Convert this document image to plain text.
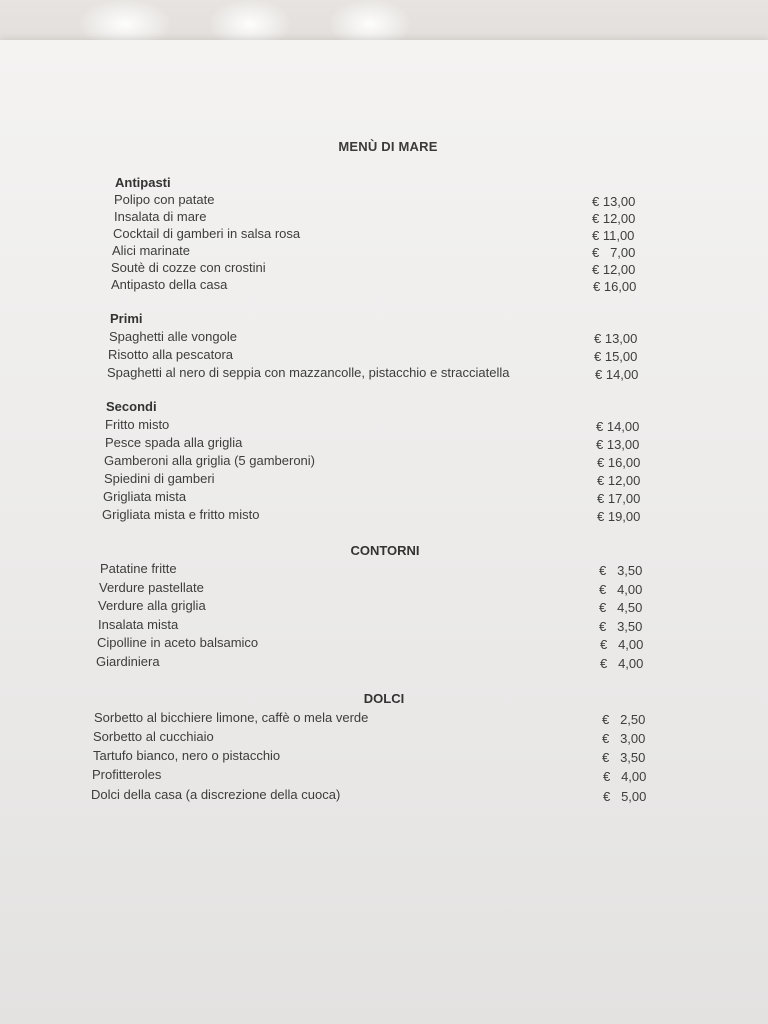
MENÙ DI MARE
Antipasti
Polipo con patate	€ 13,00
Insalata di mare	€ 12,00
Cocktail di gamberi in salsa rosa	€ 11,00
Alici marinate	€   7,00
Soutè di cozze con crostini	€ 12,00
Antipasto della casa	€ 16,00
Primi
Spaghetti alle vongole	€ 13,00
Risotto alla pescatora	€ 15,00
Spaghetti al nero di seppia con mazzancolle, pistacchio e stracciatella	€ 14,00
Secondi
Fritto misto	€ 14,00
Pesce spada alla griglia	€ 13,00
Gamberoni alla griglia (5 gamberoni)	€ 16,00
Spiedini di gamberi	€ 12,00
Grigliata mista	€ 17,00
Grigliata mista e fritto misto	€ 19,00
CONTORNI
Patatine fritte	€   3,50
Verdure pastellate	€   4,00
Verdure alla griglia	€   4,50
Insalata mista	€   3,50
Cipolline in aceto balsamico	€   4,00
Giardiniera	€   4,00
DOLCI
Sorbetto al bicchiere limone, caffè o mela verde	€   2,50
Sorbetto al cucchiaio	€   3,00
Tartufo bianco, nero o pistacchio	€   3,50
Profitteroles	€   4,00
Dolci della casa (a discrezione della cuoca)	€   5,00
